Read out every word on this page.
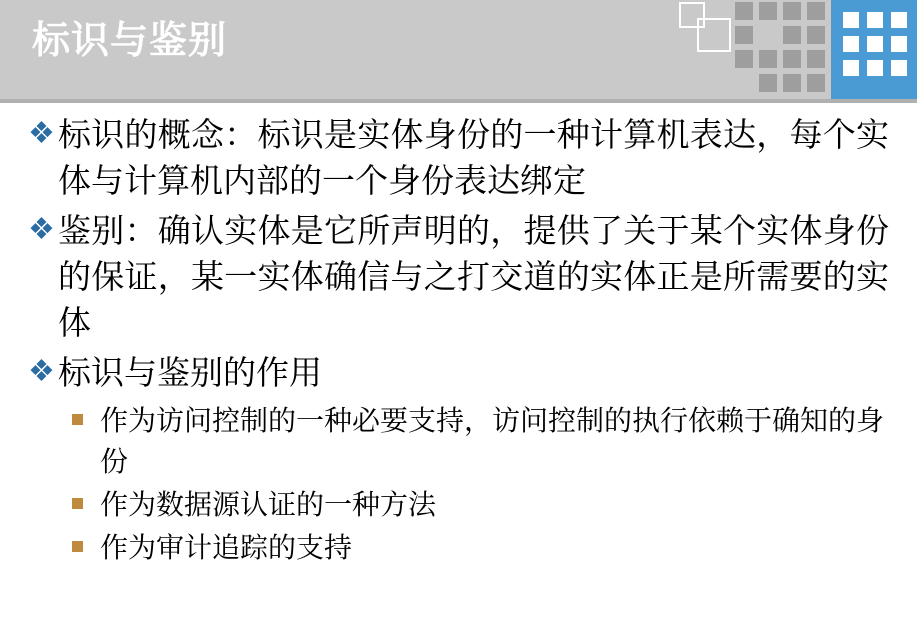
标识与鉴别
❖ 标识的概念：标识是实体身份的一种计算机表达，每个实体与计算机内部的一个身份表达绑定
❖ 鉴别：确认实体是它所声明的，提供了关于某个实体身份的保证，某一实体确信与之打交道的实体正是所需要的实体
❖ 标识与鉴别的作用
作为访问控制的一种必要支持，访问控制的执行依赖于确知的身份
作为数据源认证的一种方法
作为审计追踪的支持
